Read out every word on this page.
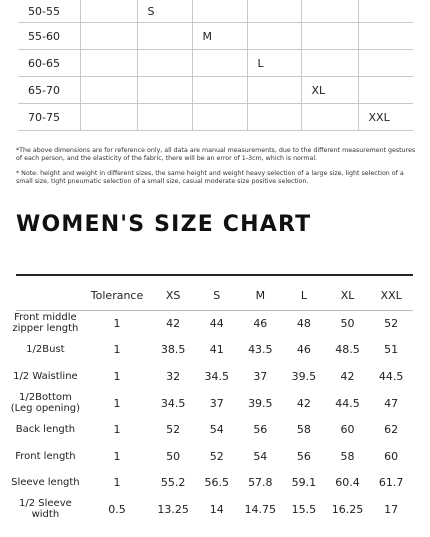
50-55		S				
55-60			M			
60-65				L		
65-70					XL	
70-75						XXL

*The above dimensions are for reference only, all data are manual measurements, due to the different measurement gestures of each person, and the elasticity of the fabric, there will be an error of 1-3cm, which is normal.

* Note: height and weight in different sizes, the same height and weight heavy selection of a large size, light selection of a small size, tight pneumatic selection of a small size, casual moderate size positive selection.

WOMEN'S SIZE CHART
	Tolerance	XS	S	M	L	XL	XXL
Front middle zipper length	1	42	44	46	48	50	52
1/2Bust	1	38.5	41	43.5	46	48.5	51
1/2 Waistline	1	32	34.5	37	39.5	42	44.5
1/2Bottom (Leg opening)	1	34.5	37	39.5	42	44.5	47
Back length	1	52	54	56	58	60	62
Front length	1	50	52	54	56	58	60
Sleeve length	1	55.2	56.5	57.8	59.1	60.4	61.7
1/2 Sleeve width	0.5	13.25	14	14.75	15.5	16.25	17
